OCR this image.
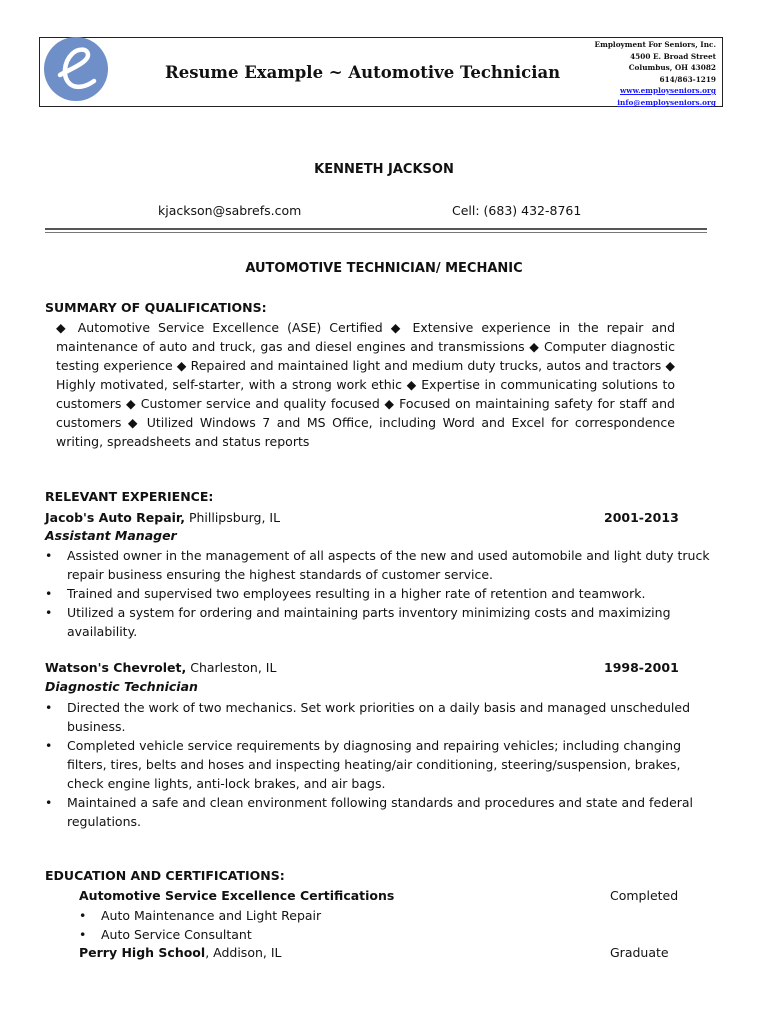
Resume Example ~ Automotive Technician
Employment For Seniors, Inc.
4500 E. Broad Street
Columbus, OH 43082
614/863-1219
www.employseniors.org
info@employseniors.org
KENNETH JACKSON
kjackson@sabrefs.com	Cell: (683) 432-8761
AUTOMOTIVE TECHNICIAN/ MECHANIC
SUMMARY OF QUALIFICATIONS:
◆ Automotive Service Excellence (ASE) Certified ◆ Extensive experience in the repair and maintenance of auto and truck, gas and diesel engines and transmissions ◆ Computer diagnostic testing experience ◆ Repaired and maintained light and medium duty trucks, autos and tractors ◆ Highly motivated, self-starter, with a strong work ethic ◆ Expertise in communicating solutions to customers ◆ Customer service and quality focused ◆ Focused on maintaining safety for staff and customers ◆ Utilized Windows 7 and MS Office, including Word and Excel for correspondence writing, spreadsheets and status reports
RELEVANT EXPERIENCE:
Jacob's Auto Repair, Phillipsburg, IL	2001-2013
Assistant Manager
• Assisted owner in the management of all aspects of the new and used automobile and light duty truck repair business ensuring the highest standards of customer service.
• Trained and supervised two employees resulting in a higher rate of retention and teamwork.
• Utilized a system for ordering and maintaining parts inventory minimizing costs and maximizing availability.
Watson's Chevrolet, Charleston, IL	1998-2001
Diagnostic Technician
• Directed the work of two mechanics. Set work priorities on a daily basis and managed unscheduled business.
• Completed vehicle service requirements by diagnosing and repairing vehicles; including changing filters, tires, belts and hoses and inspecting heating/air conditioning, steering/suspension, brakes, check engine lights, anti-lock brakes, and air bags.
• Maintained a safe and clean environment following standards and procedures and state and federal regulations.
EDUCATION AND CERTIFICATIONS:
Automotive Service Excellence Certifications	Completed
• Auto Maintenance and Light Repair
• Auto Service Consultant
Perry High School, Addison, IL	Graduate
